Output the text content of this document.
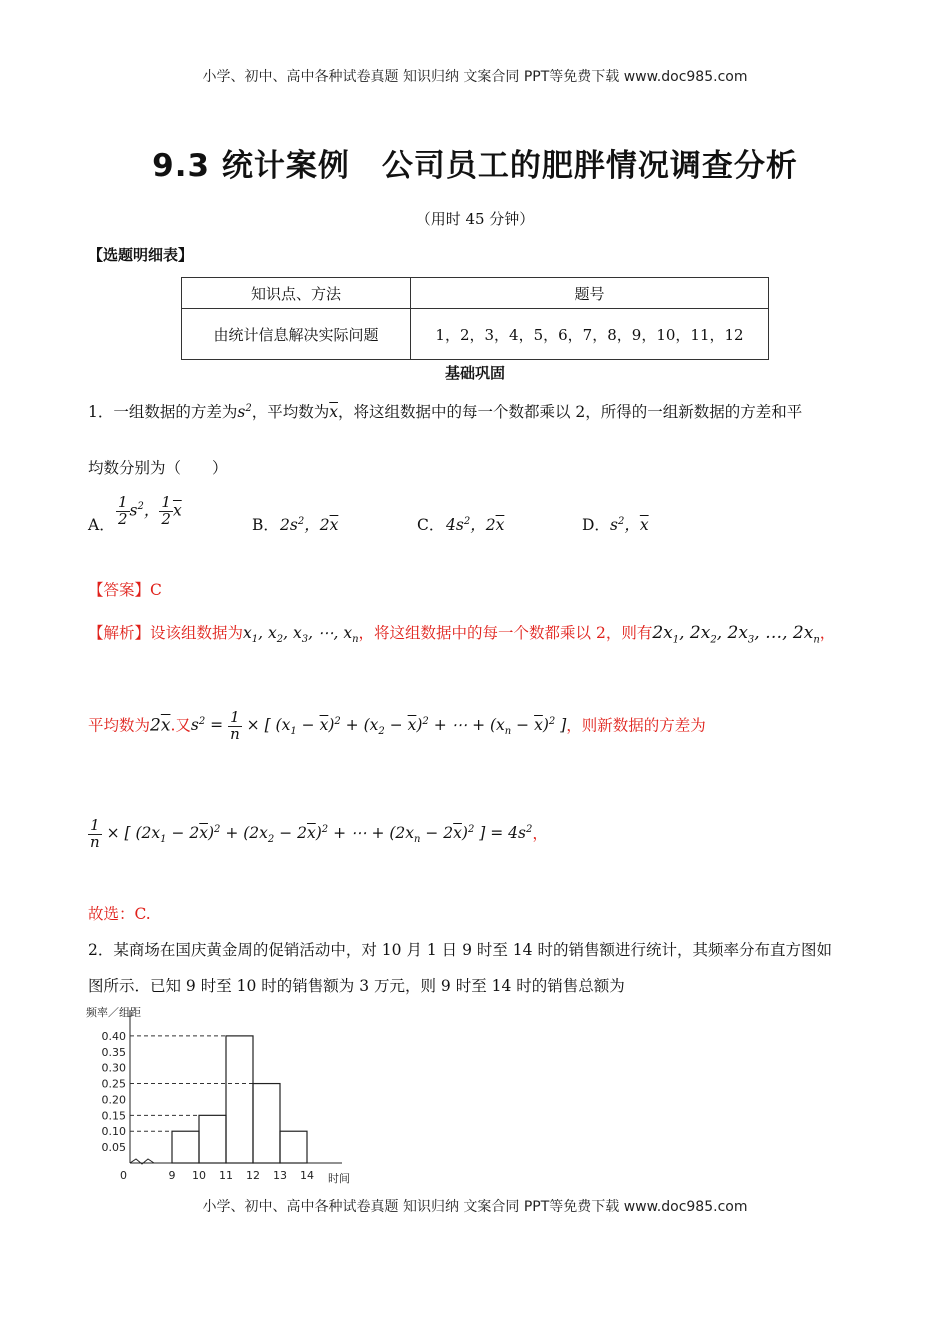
小学、初中、高中各种试卷真题 知识归纳 文案合同 PPT等免费下载 www.doc985.com
9.3 统计案例　公司员工的肥胖情况调查分析
（用时 45 分钟）
【选题明细表】
知识点、方法	题号
由统计信息解决实际问题	1，2，3，4，5，6，7，8，9，10，11，12
基础巩固
1．一组数据的方差为$s^2$，平均数为$\overline{x}$，将这组数据中的每一个数都乘以 2，所得的一组新数据的方差和平
均数分别为（　　）
A． $\frac{1}{2} s^2$， $\frac{1}{2} \overline{x}$
B． $2s^2$，$2\overline{x}$	C． $4s^2$，$2\overline{x}$	D． $s^2$，$\overline{x}$
【答案】C
【解析】设该组数据为$x_1$, $x_2$, $x_3$, ⋯, $x_n$，将这组数据中的每一个数都乘以 2，则有$2x_1$, $2x_2$, $2x_3$, …, $2x_n$，
平均数为$2\overline{x}$.又$s^2 = \frac{1}{n}$ × [ $(x_1 - \overline{x})^2 + (x_2 - \overline{x})^2$ + ⋯ + $(x_n - \overline{x})^2$ ]，则新数据的方差为
$\frac{1}{n}$ × [ $(2x_1 - 2\overline{x})^2 + (2x_2 - 2\overline{x})^2$ + ⋯ + $(2x_n - 2\overline{x})^2$ ] = $4s^2$，
故选：C.
2．某商场在国庆黄金周的促销活动中，对 10 月 1 日 9 时至 14 时的销售额进行统计，其频率分布直方图如
图所示．已知 9 时至 10 时的销售额为 3 万元，则 9 时至 14 时的销售总额为
频率／组距
时间
0
0.40
0.35
0.30
0.25
0.20
0.15
0.10
0.05
9 10 11 12 13 14
小学、初中、高中各种试卷真题 知识归纳 文案合同 PPT等免费下载 www.doc985.com
